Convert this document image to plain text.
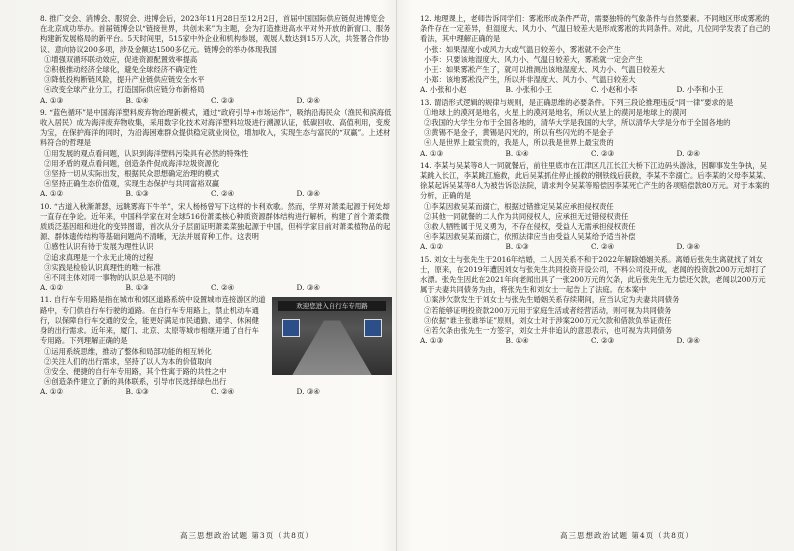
8. 推广交会、消博会、服贸会、进博会后，2023年11月28日至12月2日，首届中国国际供应链促进博览会在北京成功举办。首届链博会以“链接世界，共创未来”为主题，会为打造推进高水平对外开放的新窗口、服务构建新发展格局的新平台。5天时间里，515家中外企业和机构参展，观展人数达到15万人次，共签署合作协议、意向协议200多项，涉及金额达1500多亿元。链博会的举办体现我国
①增强双循环联动效应，促进资源配置效率提高
②积极推动经济全球化，避免全球经济不确定性
③降低投构断链风险，提升产业链供应链安全水平
④改变全球产业分工，打造国际供应链分布新格局
A. ①③	B. ①④	C. ②③	D. ②④
9. “蓝色循环”是中国海洋塑料废弃物治理新模式，通过“政府引导+市场运作”，吸纳沿海民众（渔民和滨海低收入居民）成为海洋废弃物收集，采用数字化技术对海洋塑料垃圾进行溯源认证，低碳回收、高值利用，变废为宝，在保护海洋的同时，为沿海困难群众提供稳定就业岗位，增加收入，实现生态与富民的“双赢”。上述材料符合的哲理是
①用发展的观点看问题，认识到海洋塑料污染具有必然的特殊性
②用矛盾的观点看问题，创造条件促成海洋垃圾资源化
③坚持一切从实际出发，根据民众思想确定治理的模式
④坚持正确生态价值观，实现生态保护与共同富裕双赢
A. ①②	B. ①③	C. ②④	D. ③④
10. “古道入秋渐萧瑟，远眺雾海下牛羊”，宋人杨杨曾写下这样的卡利欢歌。然而，学界对萧柔起源于何处却一直存在争论。近年来，中国科学家在对全球516份萧柔核心种质资源群体结构进行解析，构建了首个萧柔微质质泛基因组和进化的变异图谱，首次从分子层面证明萧柔菜独起源于中国，但科学家目前对萧柔植物品的起源、群体遗传结构等基础问题尚不清晰，无法并展育种工作。这表明
①感性认识有待于发展为理性认识
②追求真理是一个永无止境的过程
③实践是检验认识真理性的唯一标准
④不同主体对同一事物的认识总是不同的
A. ①②	B. ①③	C. ②④	D. ③④
欢迎您进入自行车专用路
11. 自行车专用路是指在城市和郊区道路系统中设置城市连接游区的道路中，专门供自行车行驶的道路。在自行车专用路上，禁止机动车通行，以保障自行车交通的安全，能更好满足市民通勤、通学、休闲健身的出行需求。近年来，厦门、北京、太原等城市相继开通了自行车专用路。下列理解正确的是
①运用系统思维，推动了整体和局部功能的相互转化
②关注人们的出行需求，坚持了以人为本的价值取向
③安全、便捷的自行车专用路，其个性寓于路的共性之中
④创造条件建立了新的具体联系，引导市民选择绿色出行
A. ①②	B. ①③	C. ②④	D. ③④
12. 地理课上，老师告诉同学们：雾凇形成条件严苛，需要独特的气象条件与自然要素。不同地区形成雾凇的条件存在一定差异，但湿度大、风力小、气温日较差大是形成雾凇的共同条件。对此，几位同学发表了自己的看法，其中理解正确的是
小张：如果湿度小或风力大或气温日较差小，雾凇就不会产生
小李：只要该地湿度大、风力小、气温日较差大，雾凇就一定会产生
小王：如果雾凇产生了，就可以推测出该地湿度大、风力小、气温日较差大
小郑：该地雾凇没产生，所以并非湿度大、风力小、气温日较差大
A. 小张和小赵	B. 小张和小王	C. 小赵和小李	D. 小李和小王
13. 谓语形式逻辑的规律与规则，是正确思维的必要条件。下列三段论推理违反“同一律”要求的是
①地球上的漠河是地名，火星上的漠河是地名，所以火星上的漠河是地球上的漠河
②我国的大学生分布于全国各地的，清华大学是我国的大学，所以清华大学是分布于全国各地的
③黄锡不是金子，黄锡是闪光的，所以有些闪光的不是金子
④人是世界上最宝贵的，我是人，所以我是世界上最宝贵的
A. ①③	B. ①④	C. ②③	D. ②④
14. 李某与吴某等8人一同就餐后，前往里底市在江津区几江长江大桥下江边码头游泳，因聊事发生争执，吴某跳入长江，李某跳江施救，此后吴某抓住停止援救的钢铁线后获救，李某不幸溺亡。后李某的父母李某某、徐某起诉吴某等8人为被告诉讼法院，请求判令吴某等赔偿因李某死亡产生的各项赔偿款80万元。对于本案的分析，正确的是
①李某因救吴某而溺亡，根据过错推定吴某应承担侵权责任
②其他一同就餐的二人作为共同侵权人，应承担无过错侵权责任
③救人牺牲属于见义勇为，不存在侵权，受益人无需承担侵权责任
④李某因救吴某而溺亡，依照法律应当由受益人吴某给予适当补偿
A. ①②	B. ①③	C. ②④	D. ③④
15. 刘女士与张先生于2016年结婚，二人因关系不和于2022年解除婚姻关系。离婚后张先生离就找了刘女士，原来，在2019年遭因刘女与张先生共同投资开设公司，不料公司没开成，老闻的投资款200万元却打了水漂。张先生因此在2021年向老闻出具了一张200万元的欠条，此后张先生无力偿还欠款，老闻以200万元属于夫妻共同债务为由，将张先生和刘女士一起告上了法庭。在本案中
①案涉欠款发生于刘女士与张先生婚姻关系存续期间，应当认定为夫妻共同债务
②若能够证明投资款200万元用于家庭生活或者经营活动，则可视为共同债务
③依据“谁主张谁举证”原则，刘女士对于涉案200万元欠款和借款负举证责任
④若欠条由张先生一方签字，刘女士并非追认的意思表示，也可视为共同债务
A. ①③	B. ①④	C. ②③	D. ③④
高三思想政治试题 第3页（共8页）	高三思想政治试题 第4页（共8页）
